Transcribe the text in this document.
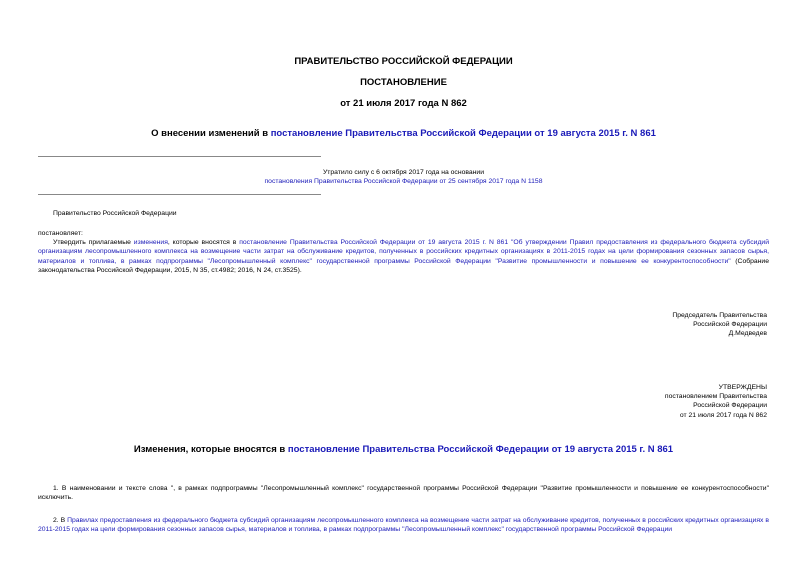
ПРАВИТЕЛЬСТВО РОССИЙСКОЙ ФЕДЕРАЦИИ
ПОСТАНОВЛЕНИЕ
от 21 июля 2017 года N 862
О внесении изменений в постановление Правительства Российской Федерации от 19 августа 2015 г. N 861
Утратило силу с 6 октября 2017 года на основании
постановления Правительства Российской Федерации от 25 сентября 2017 года N 1158
Правительство Российской Федерации
постановляет:
Утвердить прилагаемые изменения, которые вносятся в постановление Правительства Российской Федерации от 19 августа 2015 г. N 861 "Об утверждении Правил предоставления из федерального бюджета субсидий организациям лесопромышленного комплекса на возмещение части затрат на обслуживание кредитов, полученных в российских кредитных организациях в 2011-2015 годах на цели формирования сезонных запасов сырья, материалов и топлива, в рамках подпрограммы "Лесопромышленный комплекс" государственной программы Российской Федерации "Развитие промышленности и повышение ее конкурентоспособности" (Собрание законодательства Российской Федерации, 2015, N 35, ст.4982; 2016, N 24, ст.3525).
Председатель Правительства
Российской Федерации
Д.Медведев
УТВЕРЖДЕНЫ
постановлением Правительства
Российской Федерации
от 21 июля 2017 года N 862
Изменения, которые вносятся в постановление Правительства Российской Федерации от 19 августа 2015 г. N 861
1. В наименовании и тексте слова ", в рамках подпрограммы "Лесопромышленный комплекс" государственной программы Российской Федерации "Развитие промышленности и повышение ее конкурентоспособности" исключить.
2. В Правилах предоставления из федерального бюджета субсидий организациям лесопромышленного комплекса на возмещение части затрат на обслуживание кредитов, полученных в российских кредитных организациях в 2011-2015 годах на цели формирования сезонных запасов сырья, материалов и топлива, в рамках подпрограммы "Лесопромышленный комплекс" государственной программы Российской Федерации
